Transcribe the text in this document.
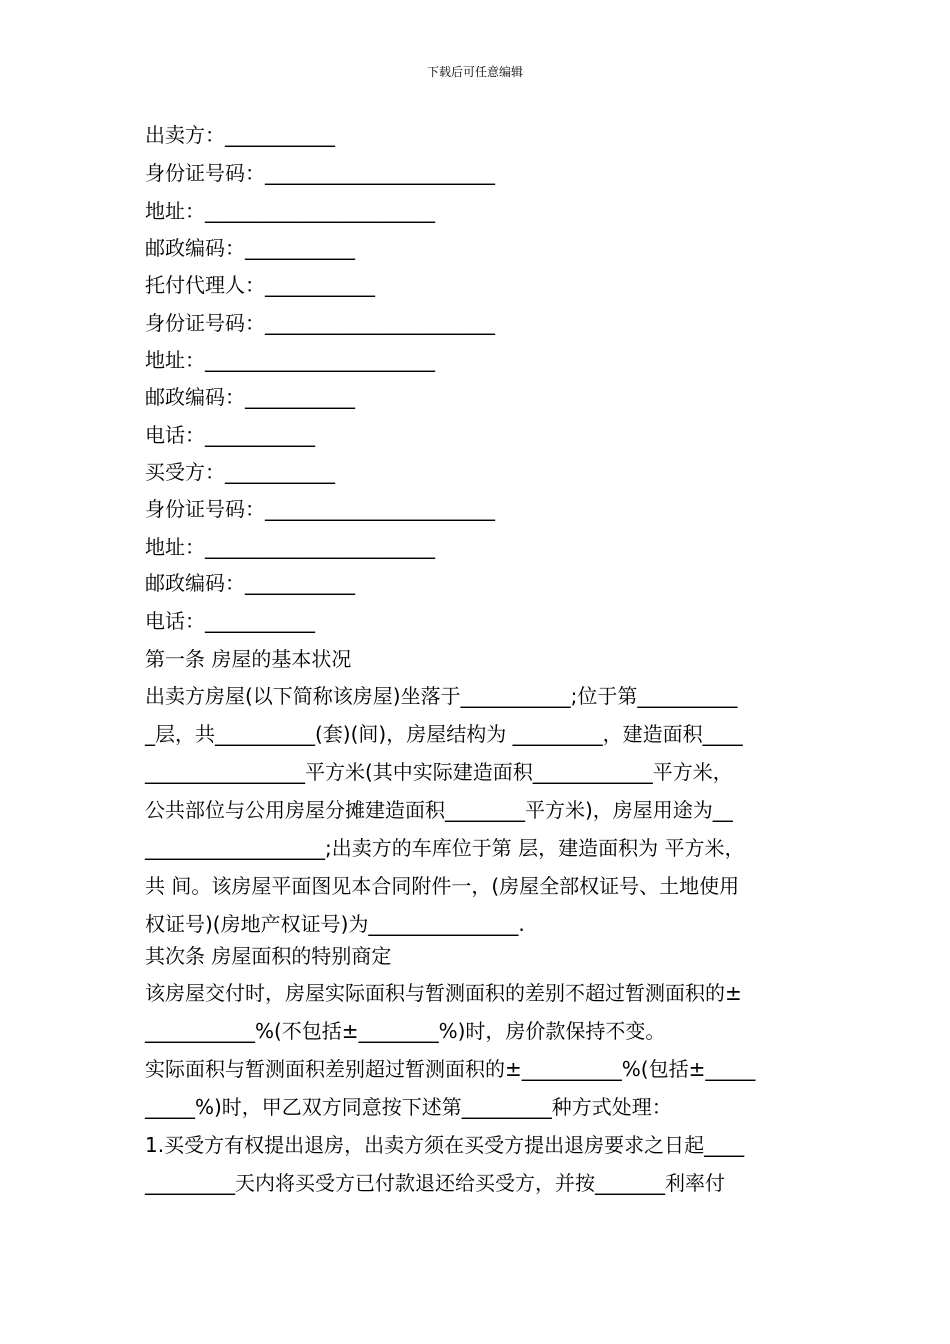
下载后可任意编辑
出卖方：___________
身份证号码：_______________________
地址：_______________________
邮政编码：___________
托付代理人：___________
身份证号码：_______________________
地址：_______________________
邮政编码：___________
电话：___________
买受方：___________
身份证号码：_______________________
地址：_______________________
邮政编码：___________
电话：___________
第一条 房屋的基本状况
出卖方房屋(以下简称该房屋)坐落于___________;位于第__________
_层，共__________(套)(间)，房屋结构为 _________，建造面积____
________________平方米(其中实际建造面积____________平方米，
公共部位与公用房屋分摊建造面积________平方米)，房屋用途为__
__________________;出卖方的车库位于第 层，建造面积为 平方米，
共 间。该房屋平面图见本合同附件一，(房屋全部权证号、土地使用
权证号)(房地产权证号)为_______________.
其次条 房屋面积的特别商定
该房屋交付时，房屋实际面积与暂测面积的差别不超过暂测面积的±
___________%(不包括±________%)时，房价款保持不变。
实际面积与暂测面积差别超过暂测面积的±__________%(包括±_____
_____%)时，甲乙双方同意按下述第_________种方式处理：
1.买受方有权提出退房，出卖方须在买受方提出退房要求之日起____
_________天内将买受方已付款退还给买受方，并按_______利率付
